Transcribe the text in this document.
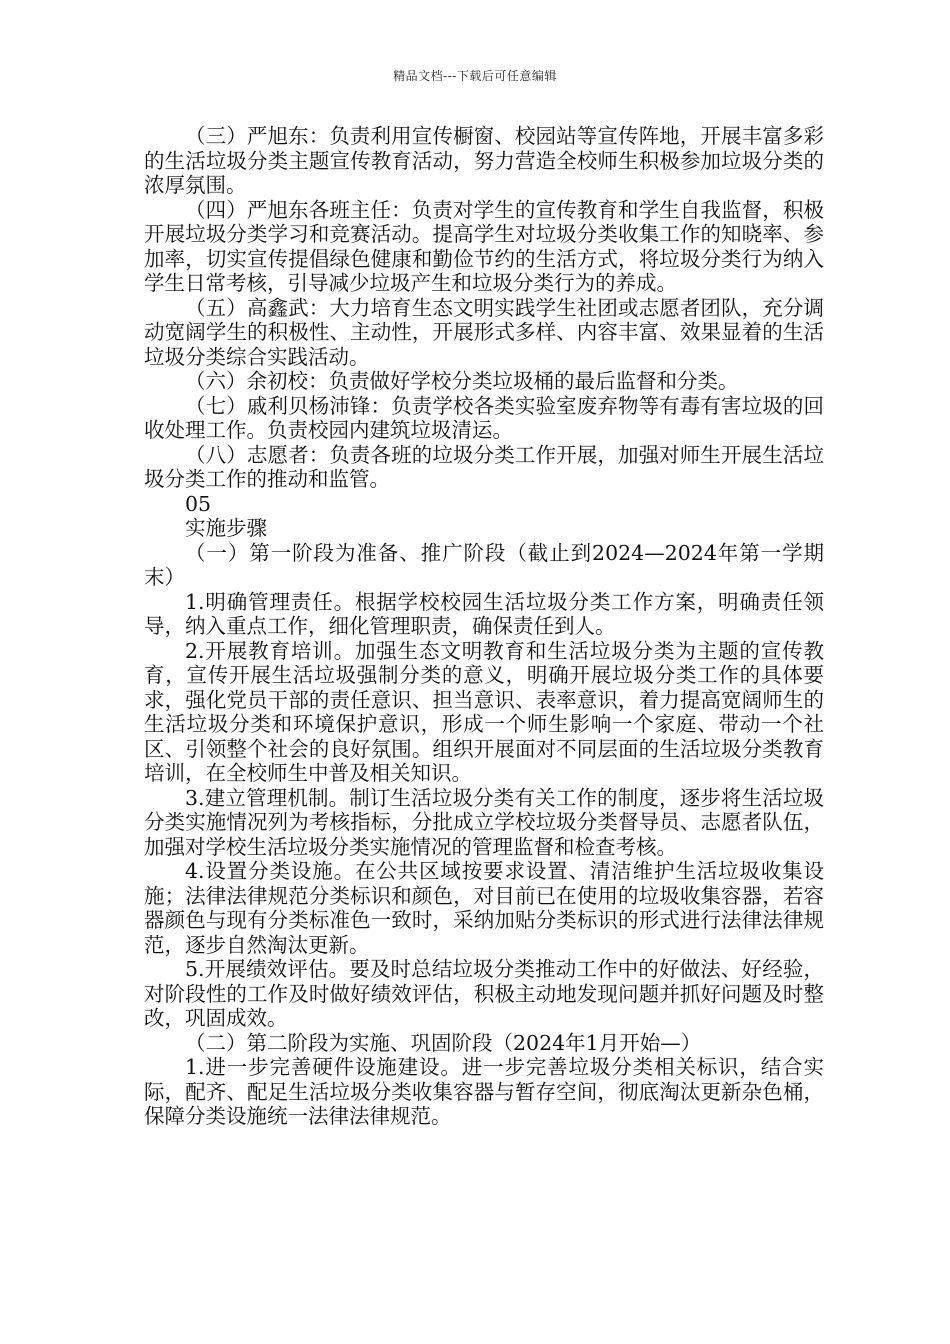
精品文档---下载后可任意编辑

（三）严旭东：负责利用宣传橱窗、校园站等宣传阵地，开展丰富多彩的生活垃圾分类主题宣传教育活动，努力营造全校师生积极参加垃圾分类的浓厚氛围。

（四）严旭东各班主任：负责对学生的宣传教育和学生自我监督，积极开展垃圾分类学习和竞赛活动。提高学生对垃圾分类收集工作的知晓率、参加率，切实宣传提倡绿色健康和勤俭节约的生活方式，将垃圾分类行为纳入学生日常考核，引导减少垃圾产生和垃圾分类行为的养成。

（五）高鑫武：大力培育生态文明实践学生社团或志愿者团队，充分调动宽阔学生的积极性、主动性，开展形式多样、内容丰富、效果显着的生活垃圾分类综合实践活动。

（六）余初校：负责做好学校分类垃圾桶的最后监督和分类。

（七）戚利贝杨沛锋：负责学校各类实验室废弃物等有毒有害垃圾的回收处理工作。负责校园内建筑垃圾清运。

（八）志愿者：负责各班的垃圾分类工作开展，加强对师生开展生活垃圾分类工作的推动和监管。

05

实施步骤

（一）第一阶段为准备、推广阶段（截止到2024—2024年第一学期末）

1.明确管理责任。根据学校校园生活垃圾分类工作方案，明确责任领导，纳入重点工作，细化管理职责，确保责任到人。

2.开展教育培训。加强生态文明教育和生活垃圾分类为主题的宣传教育，宣传开展生活垃圾强制分类的意义，明确开展垃圾分类工作的具体要求，强化党员干部的责任意识、担当意识、表率意识，着力提高宽阔师生的生活垃圾分类和环境保护意识，形成一个师生影响一个家庭、带动一个社区、引领整个社会的良好氛围。组织开展面对不同层面的生活垃圾分类教育培训，在全校师生中普及相关知识。

3.建立管理机制。制订生活垃圾分类有关工作的制度，逐步将生活垃圾分类实施情况列为考核指标，分批成立学校垃圾分类督导员、志愿者队伍，加强对学校生活垃圾分类实施情况的管理监督和检查考核。

4.设置分类设施。在公共区域按要求设置、清洁维护生活垃圾收集设施；法律法律规范分类标识和颜色，对目前已在使用的垃圾收集容器，若容器颜色与现有分类标准色一致时，采纳加贴分类标识的形式进行法律法律规范，逐步自然淘汰更新。

5.开展绩效评估。要及时总结垃圾分类推动工作中的好做法、好经验，对阶段性的工作及时做好绩效评估，积极主动地发现问题并抓好问题及时整改，巩固成效。

（二）第二阶段为实施、巩固阶段（2024年1月开始—）

1.进一步完善硬件设施建设。进一步完善垃圾分类相关标识，结合实际，配齐、配足生活垃圾分类收集容器与暂存空间，彻底淘汰更新杂色桶，保障分类设施统一法律法律规范。
